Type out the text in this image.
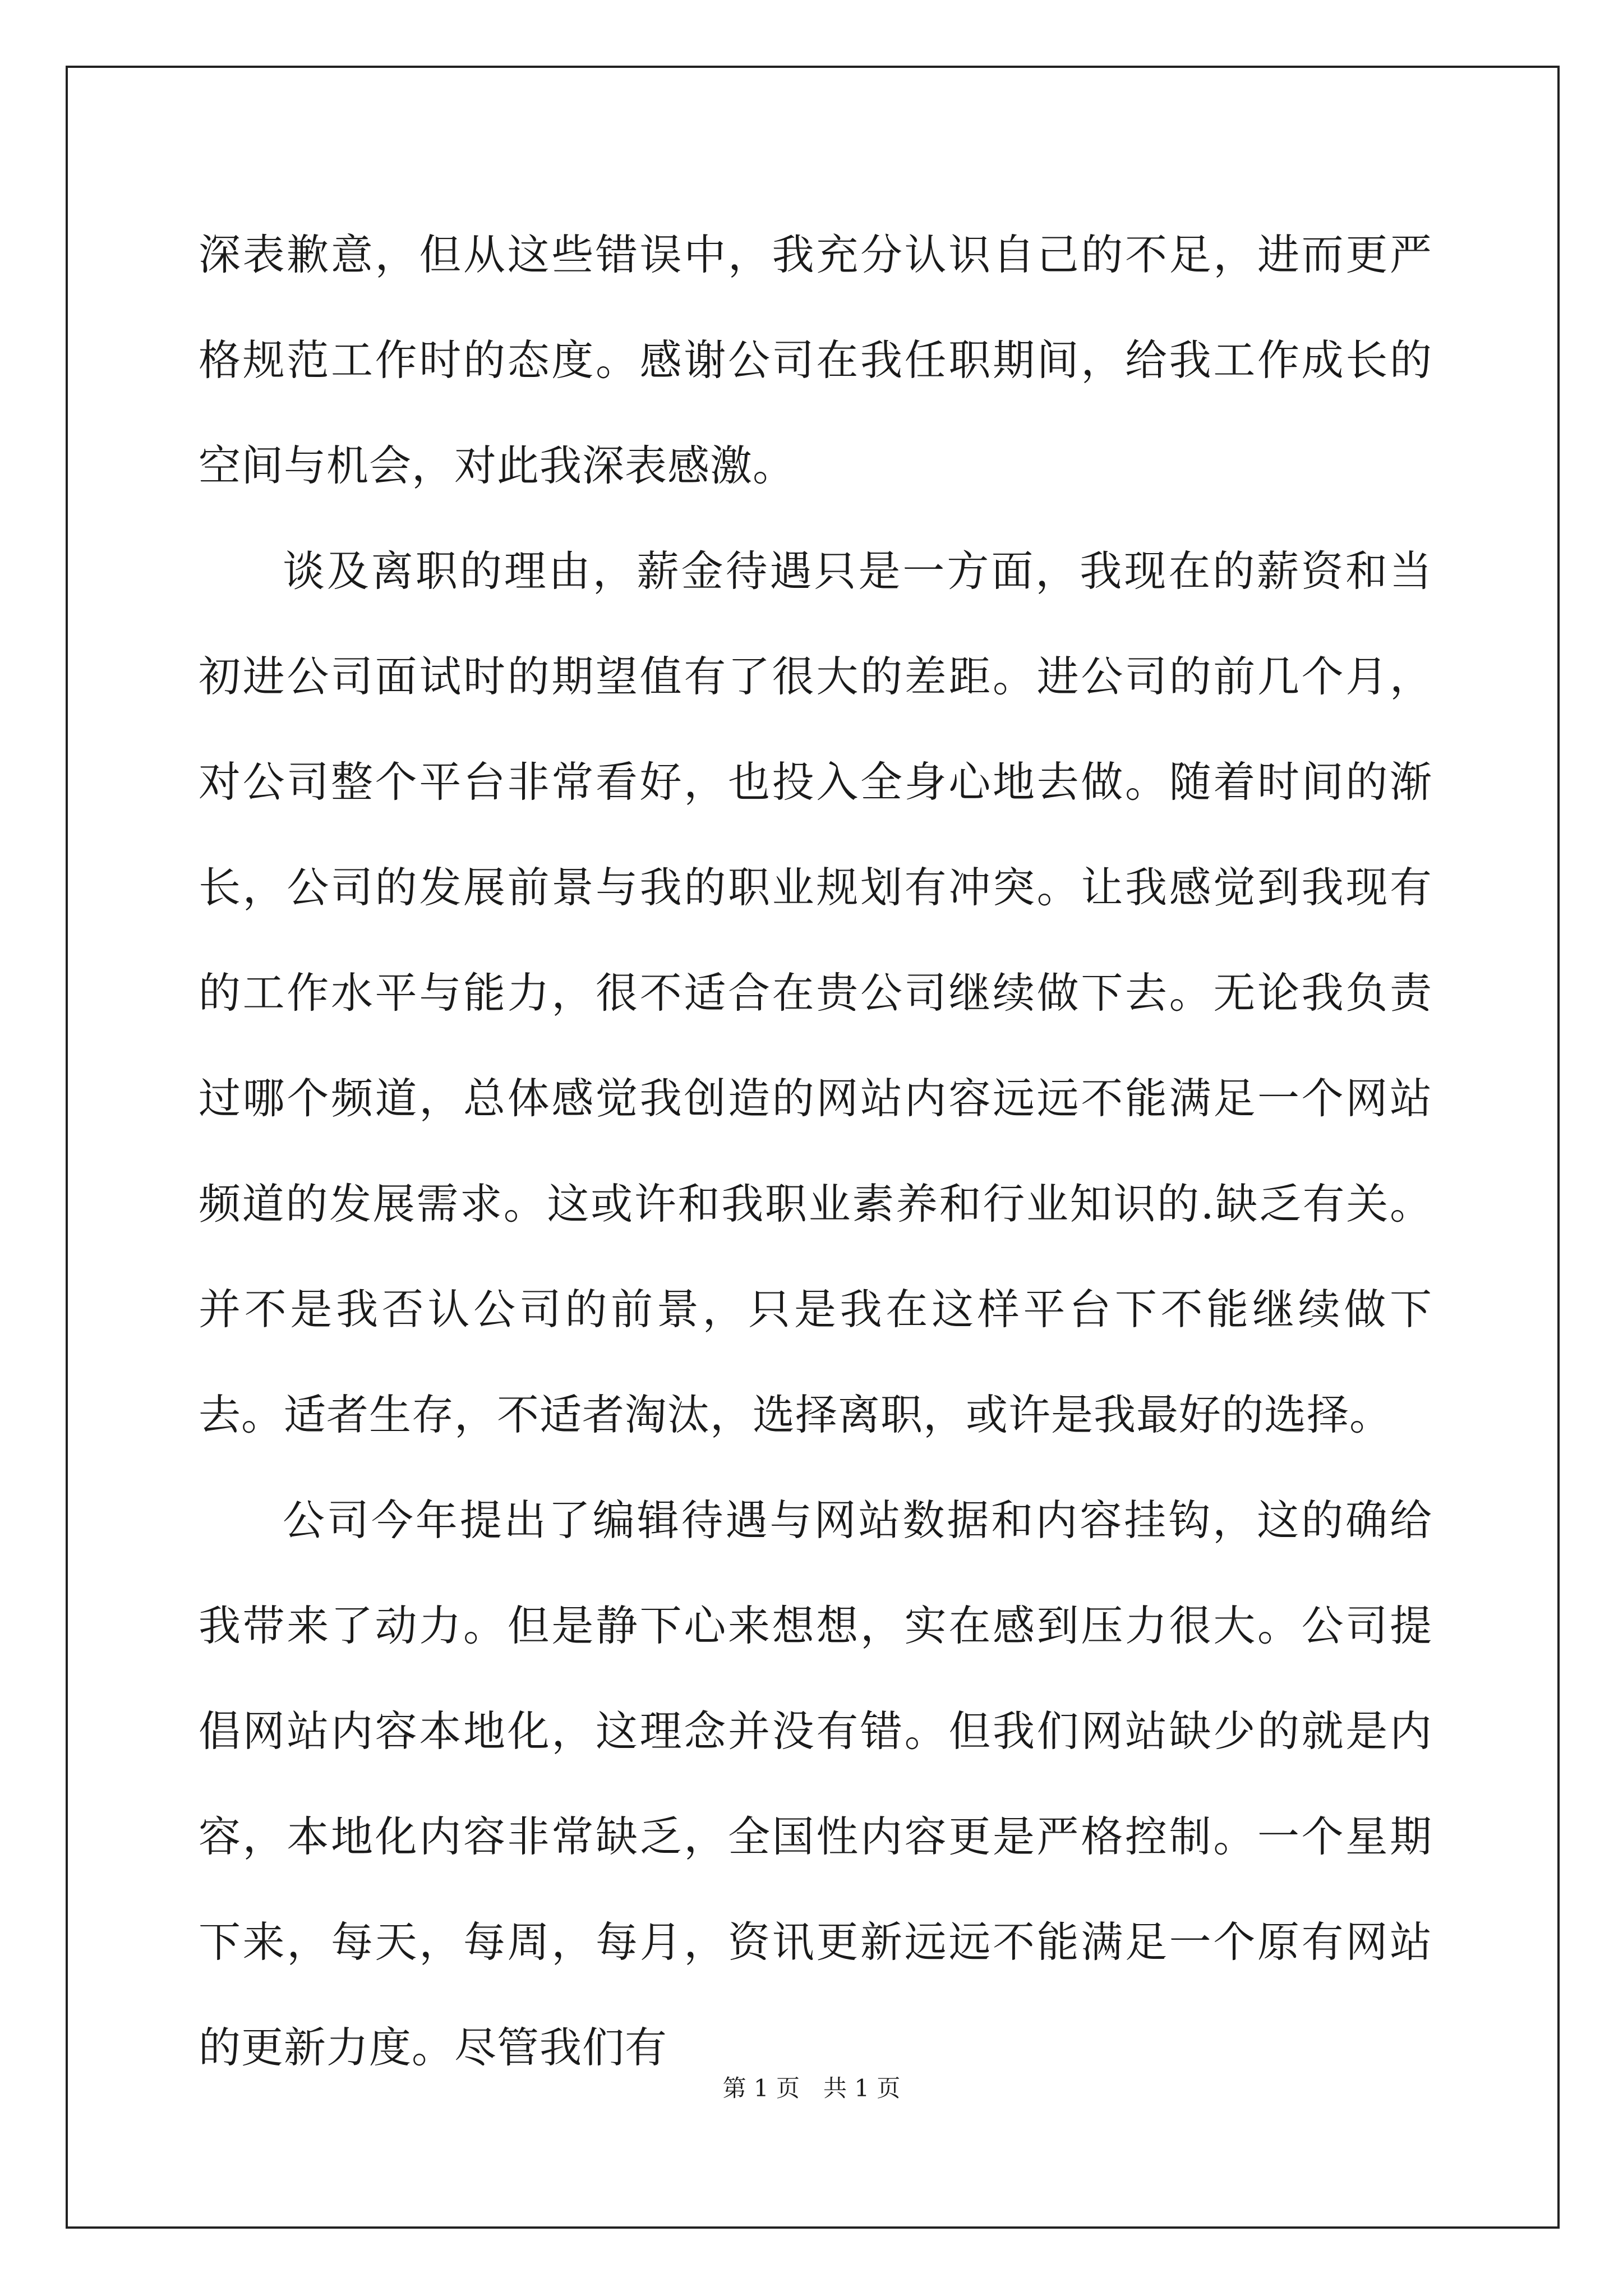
深表歉意，但从这些错误中，我充分认识自己的不足，进而更严格规范工作时的态度。感谢公司在我任职期间，给我工作成长的空间与机会，对此我深表感激。

谈及离职的理由，薪金待遇只是一方面，我现在的薪资和当初进公司面试时的期望值有了很大的差距。进公司的前几个月，对公司整个平台非常看好，也投入全身心地去做。随着时间的渐长，公司的发展前景与我的职业规划有冲突。让我感觉到我现有的工作水平与能力，很不适合在贵公司继续做下去。无论我负责过哪个频道，总体感觉我创造的网站内容远远不能满足一个网站频道的发展需求。这或许和我职业素养和行业知识的.缺乏有关。并不是我否认公司的前景，只是我在这样平台下不能继续做下去。适者生存，不适者淘汰，选择离职，或许是我最好的选择。

公司今年提出了编辑待遇与网站数据和内容挂钩，这的确给我带来了动力。但是静下心来想想，实在感到压力很大。公司提倡网站内容本地化，这理念并没有错。但我们网站缺少的就是内容，本地化内容非常缺乏，全国性内容更是严格控制。一个星期下来，每天，每周，每月，资讯更新远远不能满足一个原有网站的更新力度。尽管我们有

第 1 页　共 1 页
